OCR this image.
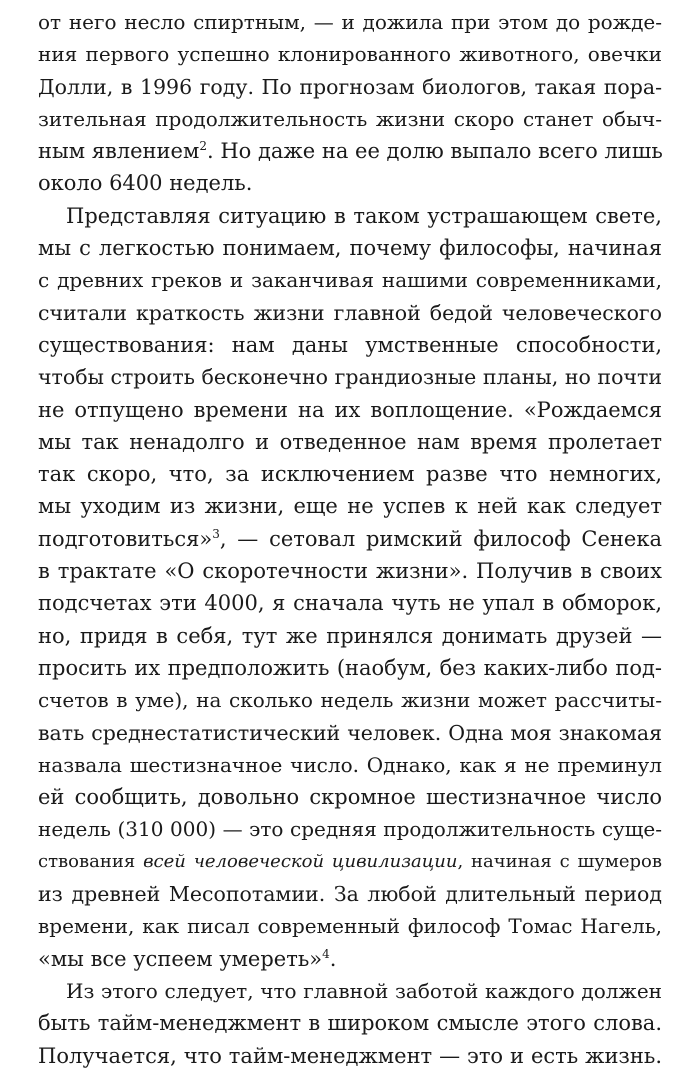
от него несло спиртным, — и дожила при этом до рожде-
ния первого успешно клонированного животного, овечки
Долли, в 1996 году. По прогнозам биологов, такая пора-
зительная продолжительность жизни скоро станет обыч-
ным явлением$^2$. Но даже на ее долю выпало всего лишь
около 6400 недель.
Представляя ситуацию в таком устрашающем свете,
мы с легкостью понимаем, почему философы, начиная
с древних греков и заканчивая нашими современниками,
считали краткость жизни главной бедой человеческого
существования: нам даны умственные способности,
чтобы строить бесконечно грандиозные планы, но почти
не отпущено времени на их воплощение. «Рождаемся
мы так ненадолго и отведенное нам время пролетает
так скоро, что, за исключением разве что немногих,
мы уходим из жизни, еще не успев к ней как следует
подготовиться»$^3$, — сетовал римский философ Сенека
в трактате «О скоротечности жизни». Получив в своих
подсчетах эти 4000, я сначала чуть не упал в обморок,
но, придя в себя, тут же принялся донимать друзей —
просить их предположить (наобум, без каких-либо под-
счетов в уме), на сколько недель жизни может рассчиты-
вать среднестатистический человек. Одна моя знакомая
назвала шестизначное число. Однако, как я не преминул
ей сообщить, довольно скромное шестизначное число
недель (310 000) — это средняя продолжительность суще-
ствования всей человеческой цивилизации, начиная с шумеров
из древней Месопотамии. За любой длительный период
времени, как писал современный философ Томас Нагель,
«мы все успеем умереть»$^4$.
Из этого следует, что главной заботой каждого должен
быть тайм-менеджмент в широком смысле этого слова.
Получается, что тайм-менеджмент — это и есть жизнь.
